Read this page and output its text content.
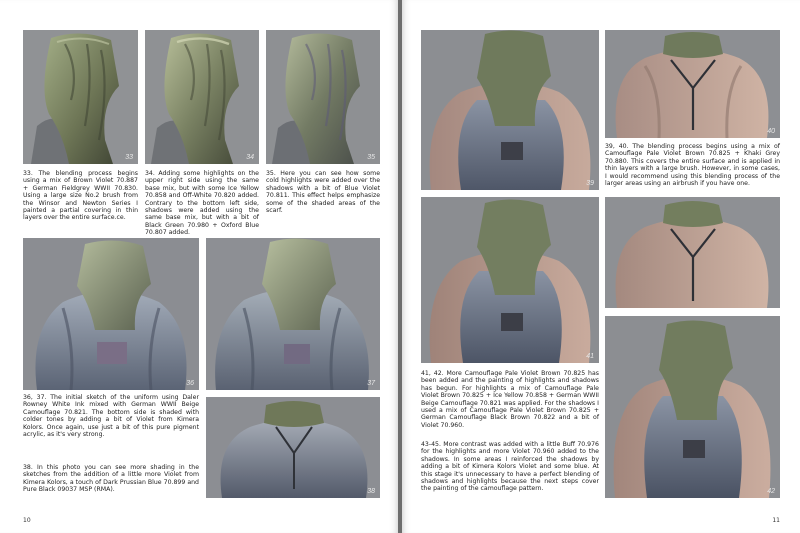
33	34	35
33. The blending process begins using a mix of Brown Violet 70.887 + German Fieldgrey WWII 70.830. Using a large size No.2 brush from the Winsor and Newton Series I painted a partial covering in thin layers over the entire surface.ce.
34. Adding some highlights on the upper right side using the same base mix, but with some Ice Yellow 70.858 and Off-White 70.820 added. Contrary to the bottom left side, shadows were added using the same base mix, but with a bit of Black Green 70.980 + Oxford Blue 70.807 added.
35. Here you can see how some cold highlights were added over the shadows with a bit of Blue Violet 70.811. This effect helps emphasize some of the shaded areas of the scarf.
36	37
36, 37. The initial sketch of the uniform using Daler Rowney White Ink mixed with German WWII Beige Camouflage 70.821. The bottom side is shaded with colder tones by adding a bit of Violet from Kimera Kolors. Once again, use just a bit of this pure pigment acrylic, as it's very strong.
38. In this photo you can see more shading in the sketches from the addition of a little more Violet from Kimera Kolors, a touch of Dark Prussian Blue 70.899 and Pure Black 09037 MSP (RMA).	38
10
39
40
39, 40. The blending process begins using a mix of Camouflage Pale Violet Brown 70.825 + Khaki Grey 70.880. This covers the entire surface and is applied in thin layers with a large brush. However, in some cases, I would recommend using this blending process of the larger areas using an airbrush if you have one.
41
42
41, 42. More Camouflage Pale Violet Brown 70.825 has been added and the painting of highlights and shadows has begun. For highlights a mix of Camouflage Pale Violet Brown 70.825 + Ice Yellow 70.858 + German WWII Beige Camouflage 70.821 was applied. For the shadows I used a mix of Camouflage Pale Violet Brown 70.825 + German Camouflage Black Brown 70.822 and a bit of Violet 70.960.
43-45. More contrast was added with a little Buff 70.976 for the highlights and more Violet 70.960 added to the shadows. In some areas I reinforced the shadows by adding a bit of Kimera Kolors Violet and some blue. At this stage it's unnecessary to have a perfect blending of shadows and highlights because the next steps cover the painting of the camouflage pattern.
11
